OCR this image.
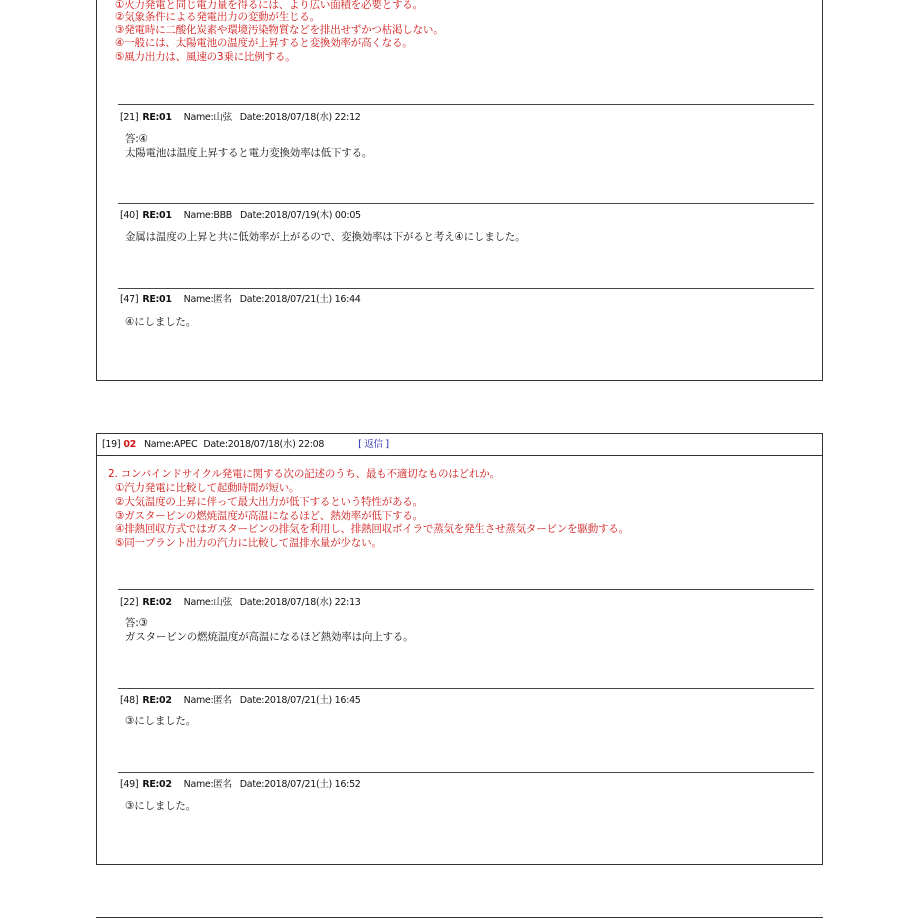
①火力発電と同じ電力量を得るには、より広い面積を必要とする。
②気象条件による発電出力の変動が生じる。
③発電時に二酸化炭素や環境汚染物質などを排出せずかつ枯渇しない。
④一般には、太陽電池の温度が上昇すると変換効率が高くなる。
⑤風力出力は、風速の3乗に比例する。
[21] RE:01 Name:山弦 Date:2018/07/18(水) 22:12
答:④
太陽電池は温度上昇すると電力変換効率は低下する。
[40] RE:01 Name:BBB Date:2018/07/19(木) 00:05
金属は温度の上昇と共に低効率が上がるので、変換効率は下がると考え④にしました。
[47] RE:01 Name:匿名 Date:2018/07/21(土) 16:44
④にしました。
[19] 02 Name:APEC Date:2018/07/18(水) 22:08	[ 返信 ]
2. コンバインドサイクル発電に関する次の記述のうち、最も不適切なものはどれか。
①汽力発電に比較して起動時間が短い。
②大気温度の上昇に伴って最大出力が低下するという特性がある。
③ガスタービンの燃焼温度が高温になるほど、熱効率が低下する。
④排熱回収方式ではガスタービンの排気を利用し、排熱回収ボイラで蒸気を発生させ蒸気タービンを駆動する。
⑤同一プラント出力の汽力に比較して温排水量が少ない。
[22] RE:02 Name:山弦 Date:2018/07/18(水) 22:13
答:③
ガスタービンの燃焼温度が高温になるほど熱効率は向上する。
[48] RE:02 Name:匿名 Date:2018/07/21(土) 16:45
③にしました。
[49] RE:02 Name:匿名 Date:2018/07/21(土) 16:52
③にしました。
